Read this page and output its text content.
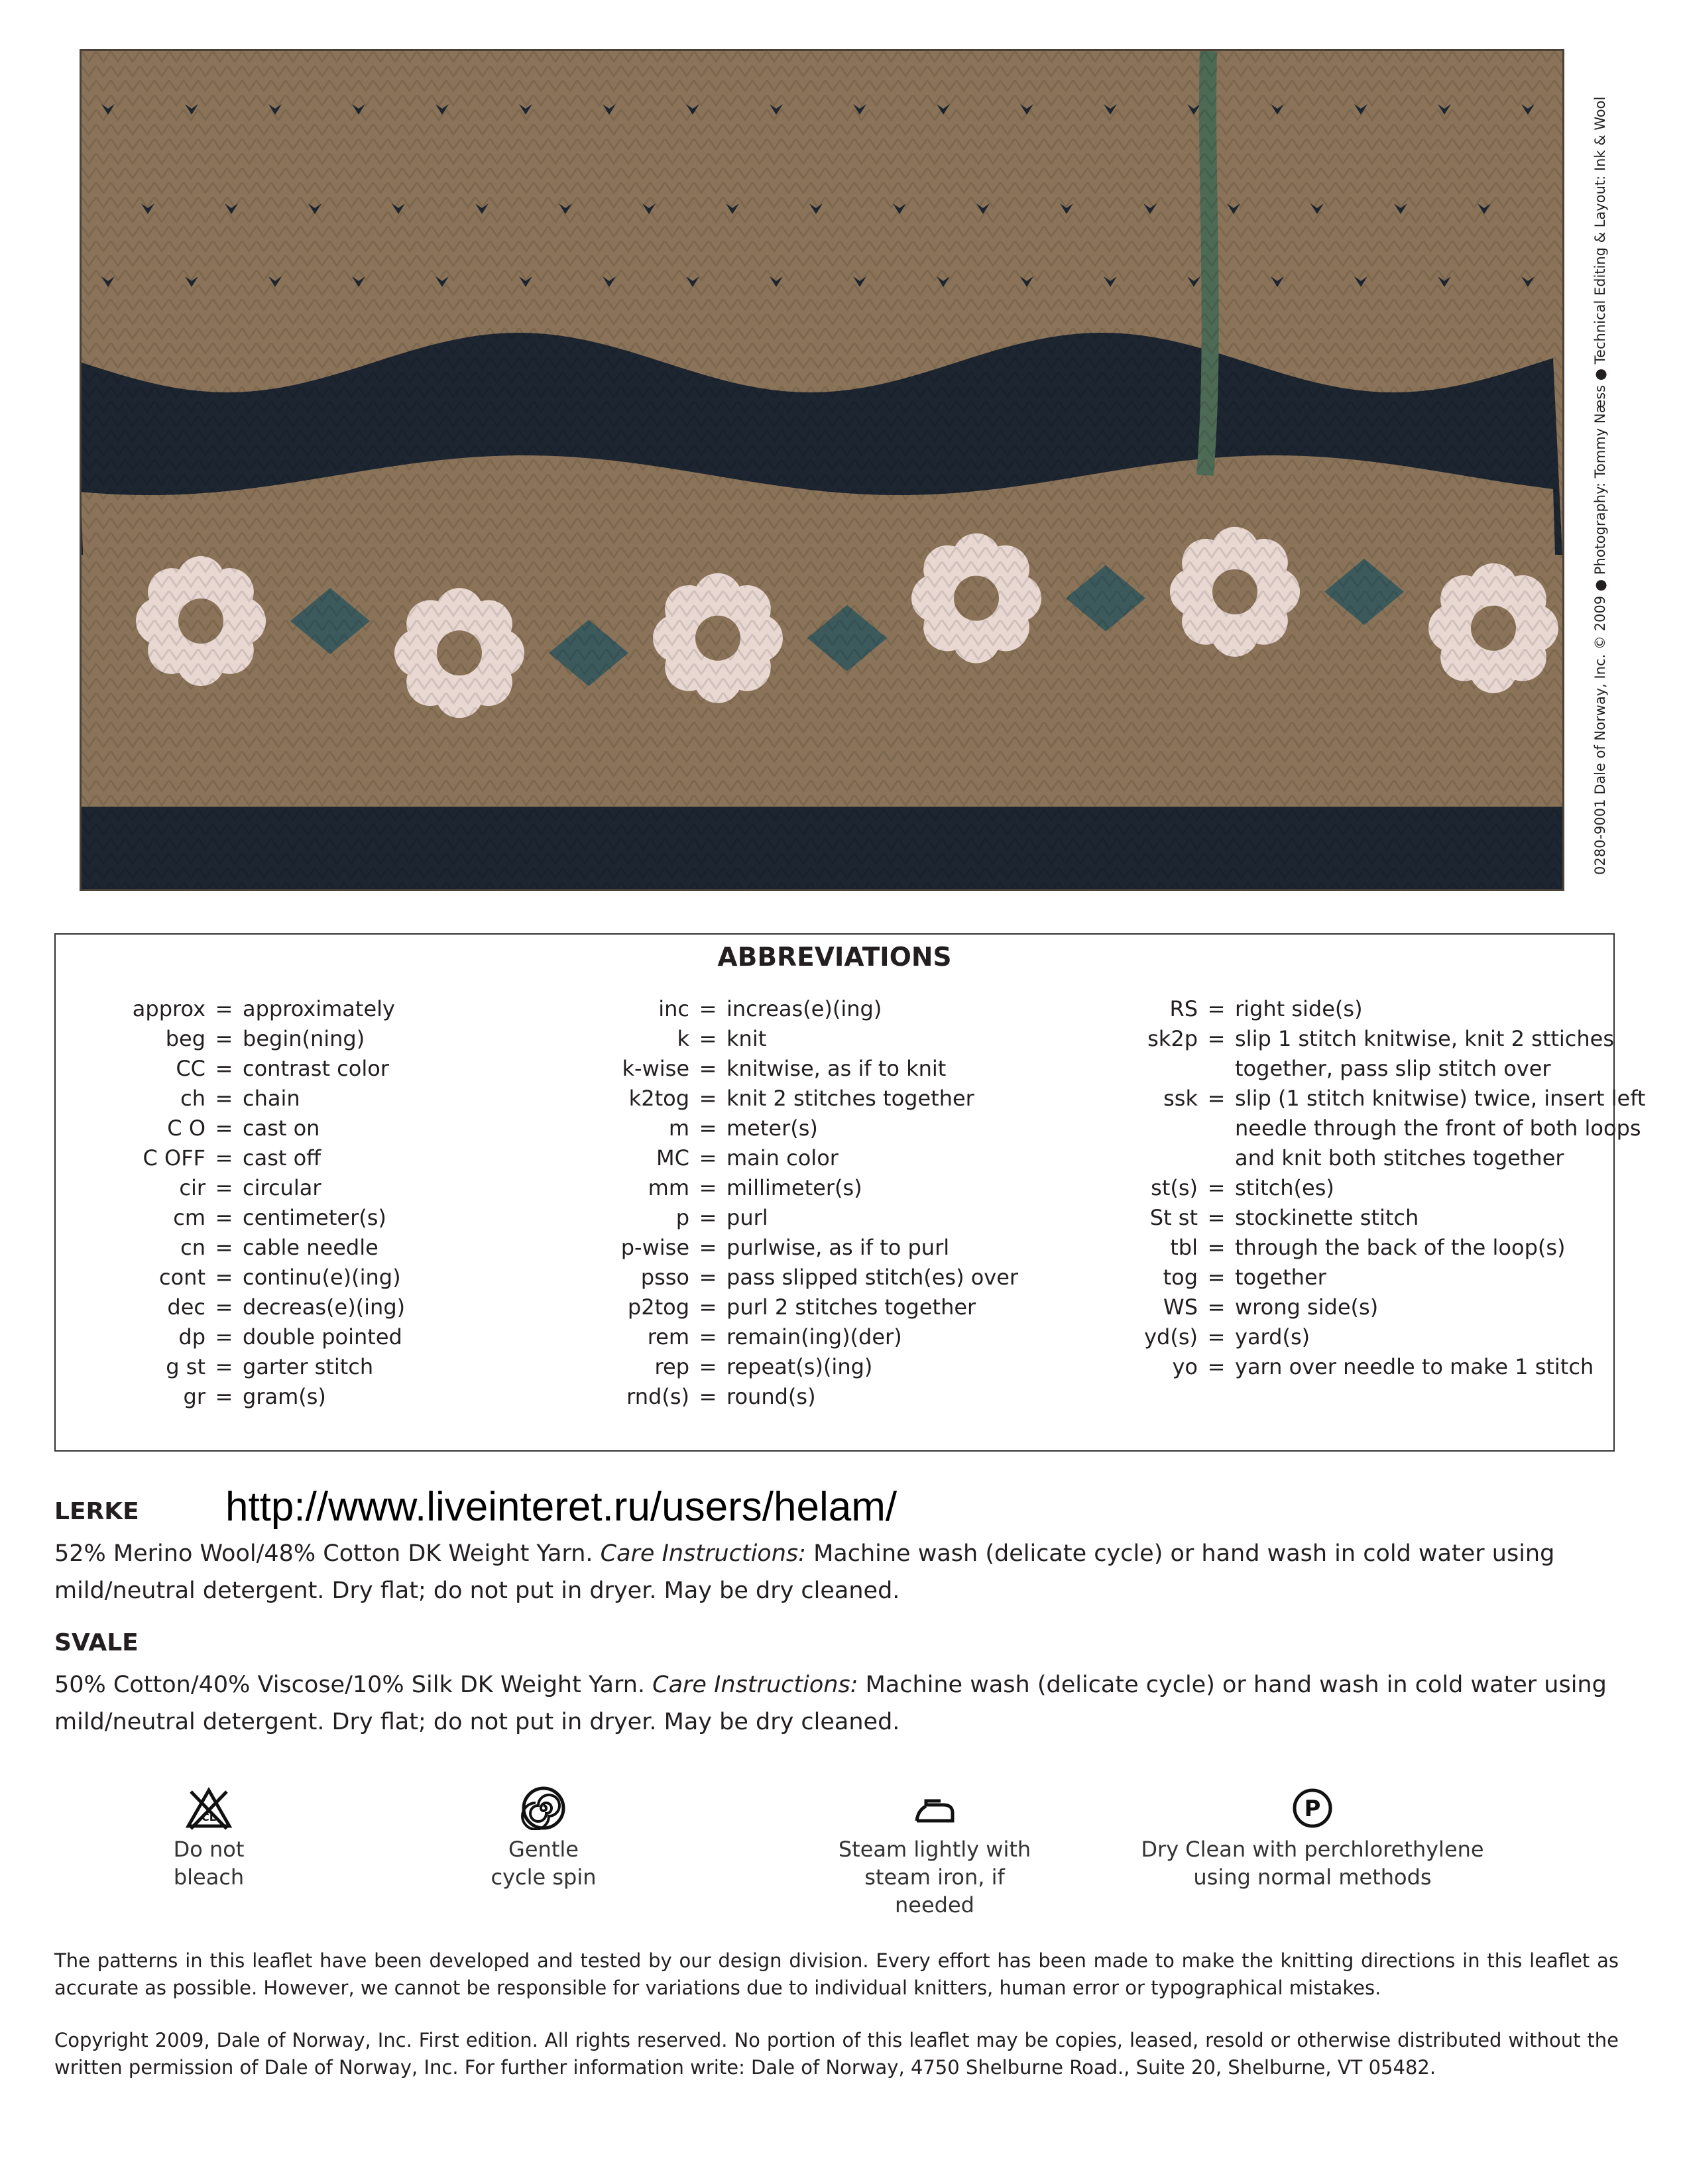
0280-9001 Dale of Norway, Inc. © 2009 ● Photography: Tommy Næss ● Technical Editing & Layout: Ink & Wool
ABBREVIATIONS
approx = approximately
beg = begin(ning)
CC = contrast color
ch = chain
C O = cast on
C OFF = cast off
cir = circular
cm = centimeter(s)
cn = cable needle
cont = continu(e)(ing)
dec = decreas(e)(ing)
dp = double pointed
g st = garter stitch
gr = gram(s)
inc = increas(e)(ing)
k = knit
k-wise = knitwise, as if to knit
k2tog = knit 2 stitches together
m = meter(s)
MC = main color
mm = millimeter(s)
p = purl
p-wise = purlwise, as if to purl
psso = pass slipped stitch(es) over
p2tog = purl 2 stitches together
rem = remain(ing)(der)
rep = repeat(s)(ing)
rnd(s) = round(s)
RS = right side(s)
sk2p = slip 1 stitch knitwise, knit 2 sttiches
together, pass slip stitch over
ssk = slip (1 stitch knitwise) twice, insert left
needle through the front of both loops
and knit both stitches together
st(s) = stitch(es)
St st = stockinette stitch
tbl = through the back of the loop(s)
tog = together
WS = wrong side(s)
yd(s) = yard(s)
yo = yarn over needle to make 1 stitch
LERKE http://www.liveinteret.ru/users/helam/
52% Merino Wool/48% Cotton DK Weight Yarn. Care Instructions: Machine wash (delicate cycle) or hand wash in cold water using mild/neutral detergent. Dry flat; do not put in dryer. May be dry cleaned.
SVALE
50% Cotton/40% Viscose/10% Silk DK Weight Yarn. Care Instructions: Machine wash (delicate cycle) or hand wash in cold water using mild/neutral detergent. Dry flat; do not put in dryer. May be dry cleaned.
CL
Do not
bleach
Gentle
cycle spin
Steam lightly with
steam iron, if needed
P
Dry Clean with perchlorethylene
using normal methods
The patterns in this leaflet have been developed and tested by our design division. Every effort has been made to make the knitting directions in this leaflet as accurate as possible. However, we cannot be responsible for variations due to individual knitters, human error or typographical mistakes.
Copyright 2009, Dale of Norway, Inc. First edition. All rights reserved. No portion of this leaflet may be copies, leased, resold or otherwise distributed without the written permission of Dale of Norway, Inc. For further information write: Dale of Norway, 4750 Shelburne Road., Suite 20, Shelburne, VT 05482.
